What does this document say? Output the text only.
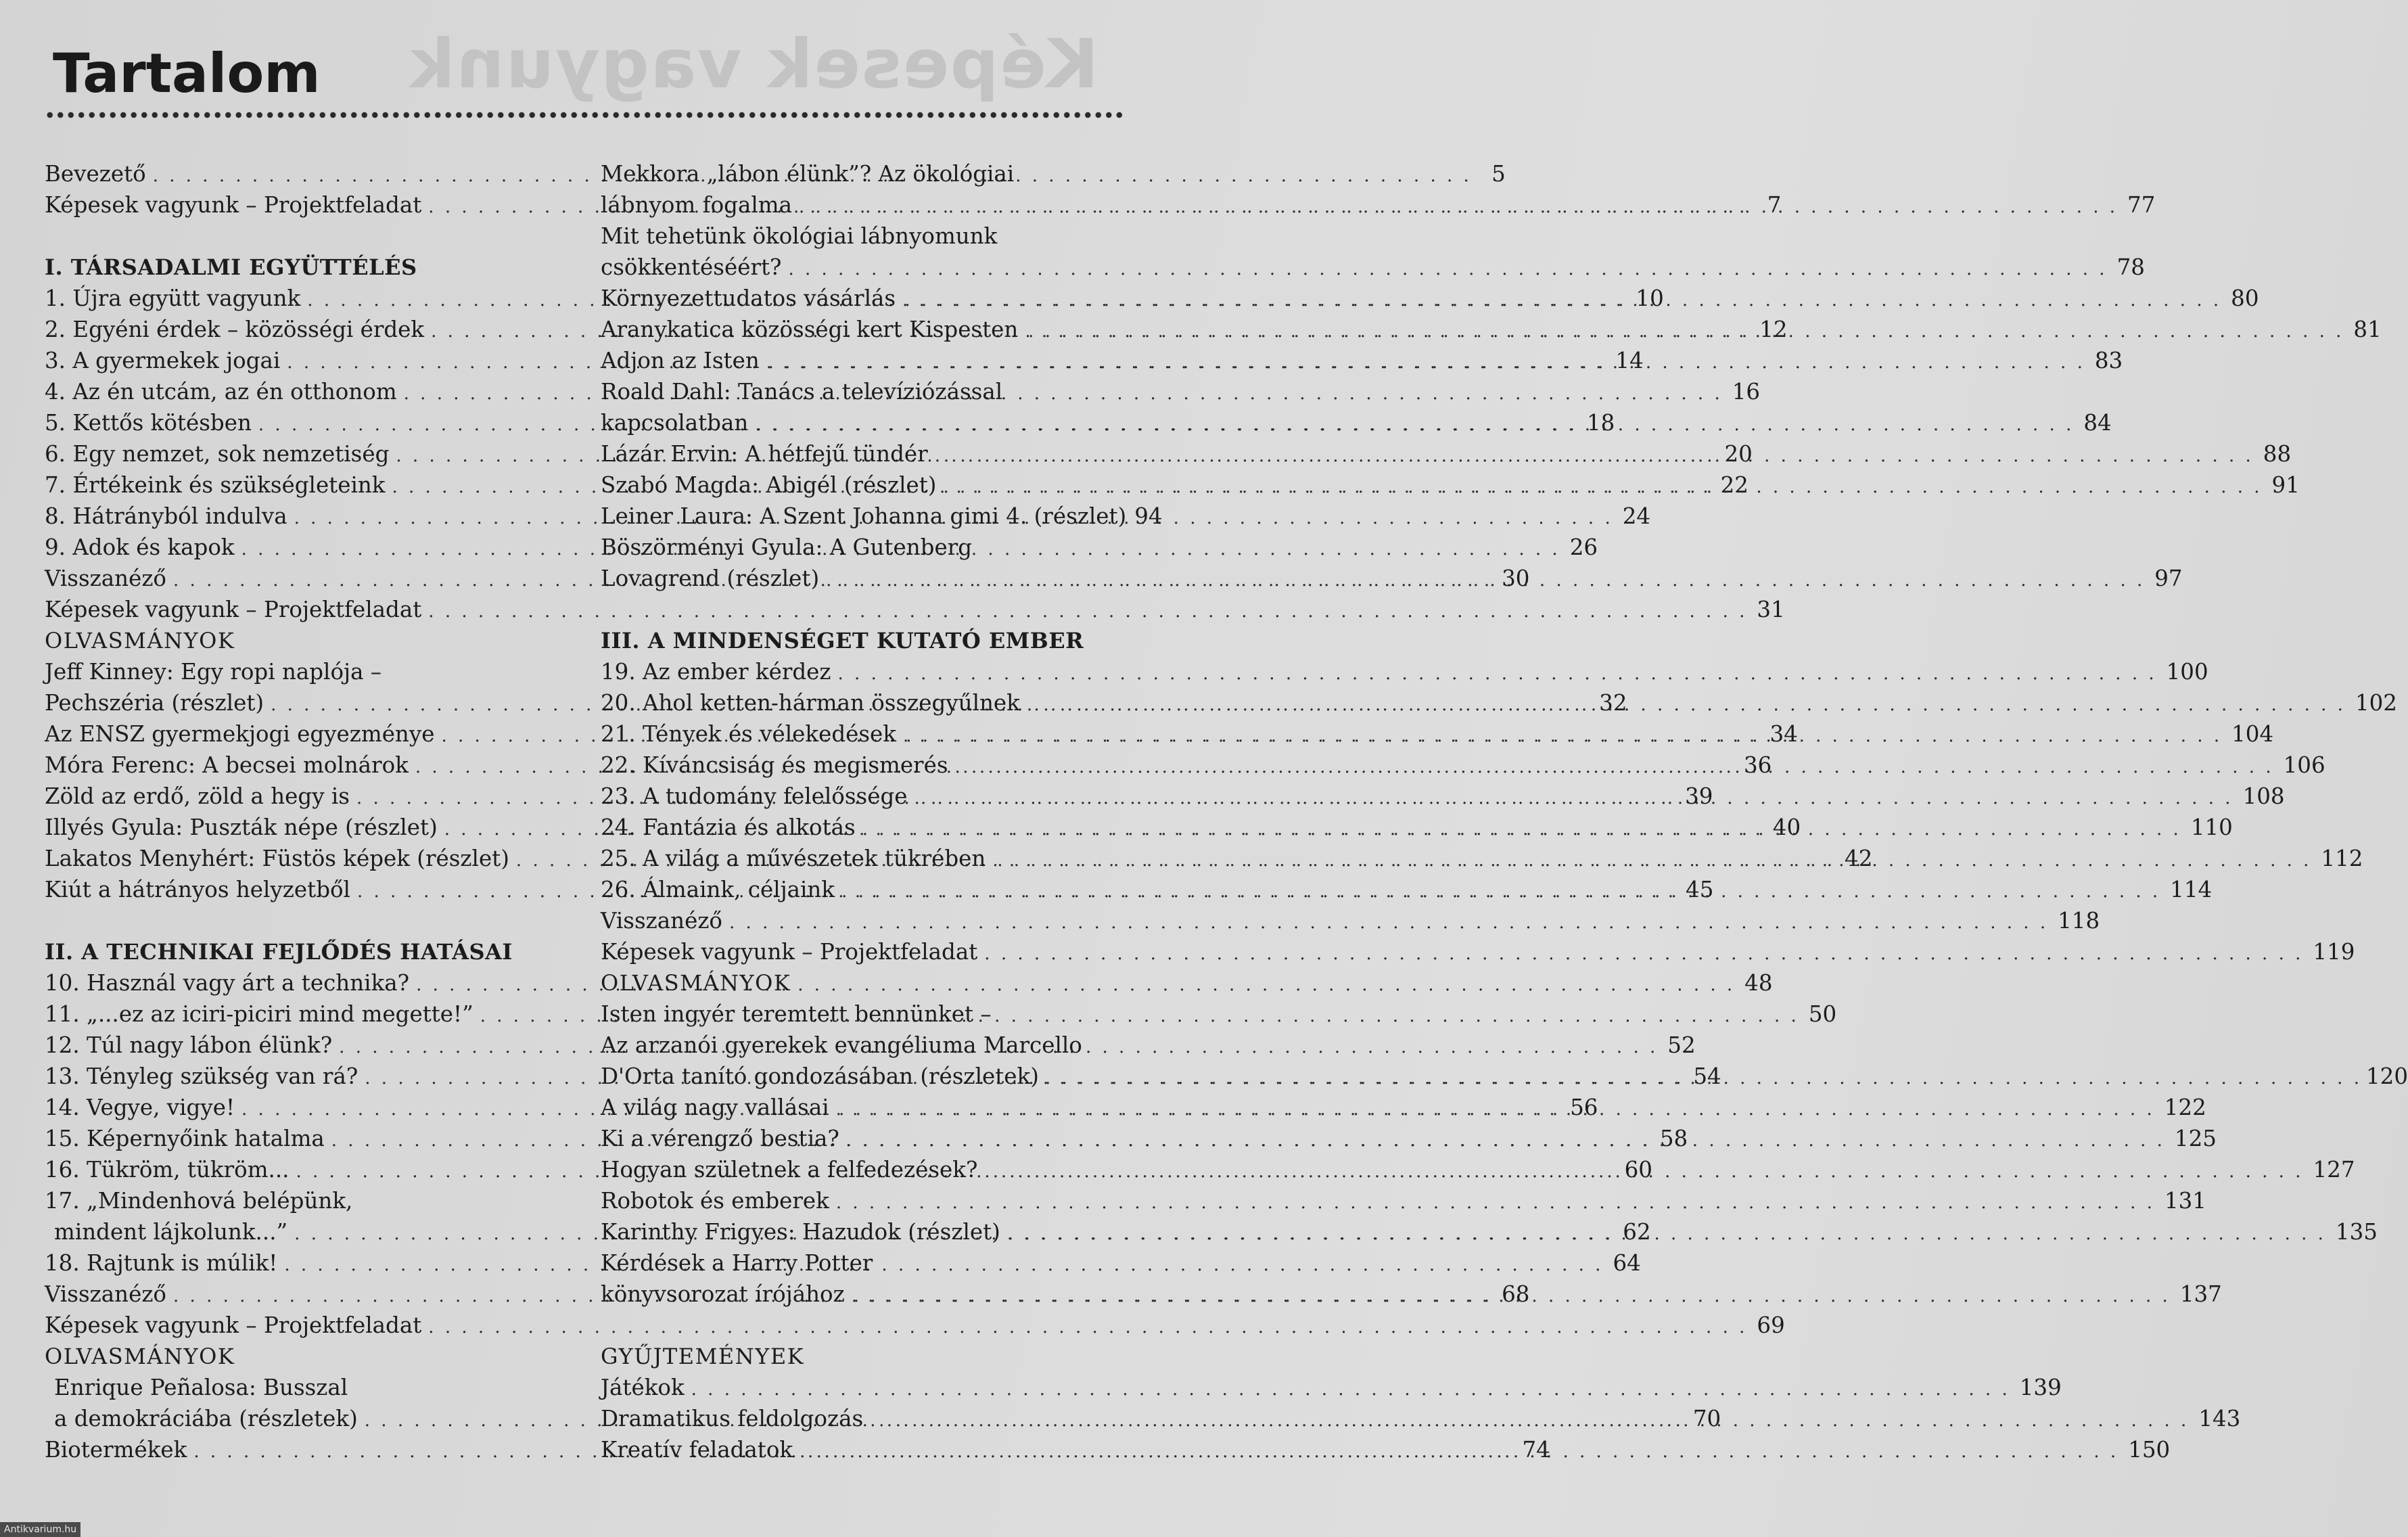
Képesek vagyunk
Tartalom
Bevezető . . .	5
Képesek vagyunk – Projektfeladat . . .	7
I. TÁRSADALMI EGYÜTTÉLÉS
1. Újra együtt vagyunk . . .	10
2. Egyéni érdek – közösségi érdek . . .	12
3. A gyermekek jogai . . .	14
4. Az én utcám, az én otthonom . . .	16
5. Kettős kötésben . . .	18
6. Egy nemzet, sok nemzetiség . . .	20
7. Értékeink és szükségleteink . . .	22
8. Hátrányból indulva . . .	24
9. Adok és kapok . . .	26
Visszanéző . . .	30
Képesek vagyunk – Projektfeladat . . .	31
OLVASMÁNYOK
Jeff Kinney: Egy ropi naplója –
Pechszéria (részlet) . . .	32
Az ENSZ gyermekjogi egyezménye . . .	34
Móra Ferenc: A becsei molnárok . . .	36
Zöld az erdő, zöld a hegy is . . .	39
Illyés Gyula: Puszták népe (részlet) . . .	40
Lakatos Menyhért: Füstös képek (részlet) . . .	42
Kiút a hátrányos helyzetből . . .	45
II. A TECHNIKAI FEJLŐDÉS HATÁSAI
10. Használ vagy árt a technika? . . .	48
11. „...ez az iciri-piciri mind megette!” . . .	50
12. Túl nagy lábon élünk? . . .	52
13. Tényleg szükség van rá? . . .	54
14. Vegye, vigye! . . .	56
15. Képernyőink hatalma . . .	58
16. Tükröm, tükröm... . . .	60
17. „Mindenhová belépünk,
mindent lájkolunk...” . . .	62
18. Rajtunk is múlik! . . .	64
Visszanéző . . .	68
Képesek vagyunk – Projektfeladat . . .	69
OLVASMÁNYOK
Enrique Peñalosa: Busszal
a demokráciába (részletek) . . .	70
Biotermékek . . .	74
Mekkora „lábon élünk”? Az ökológiai
lábnyom fogalma . . .	77
Mit tehetünk ökológiai lábnyomunk
csökkentéséért? . . .	78
Környezettudatos vásárlás . . .	80
Aranykatica közösségi kert Kispesten . . .	81
Adjon az Isten . . .	83
Roald Dahl: Tanács a televíziózással
kapcsolatban . . .	84
Lázár Ervin: A hétfejű tündér . . .	88
Szabó Magda: Abigél (részlet) . . .	91
Leiner Laura: A Szent Johanna gimi 4. (részlet) 94
Böszörményi Gyula: A Gutenberg
Lovagrend (részlet) . . .	97
III. A MINDENSÉGET KUTATÓ EMBER
19. Az ember kérdez . . .	100
20. Ahol ketten-hárman összegyűlnek . . .	102
21. Tények és vélekedések . . .	104
22. Kíváncsiság és megismerés . . .	106
23. A tudomány felelőssége . . .	108
24. Fantázia és alkotás . . .	110
25. A világ a művészetek tükrében . . .	112
26. Álmaink, céljaink . . .	114
Visszanéző . . .	118
Képesek vagyunk – Projektfeladat . . .	119
OLVASMÁNYOK
Isten ingyér teremtett bennünket –
Az arzanói gyerekek evangéliuma Marcello
D'Orta tanító gondozásában (részletek) . . .	120
A világ nagy vallásai . . .	122
Ki a vérengző bestia? . . .	125
Hogyan születnek a felfedezések? . . .	127
Robotok és emberek . . .	131
Karinthy Frigyes: Hazudok (részlet) . . .	135
Kérdések a Harry Potter
könyvsorozat írójához . . .	137
GYŰJTEMÉNYEK
Játékok . . .	139
Dramatikus feldolgozás . . .	143
Kreatív feladatok . . .	150
Antikvarium.hu
